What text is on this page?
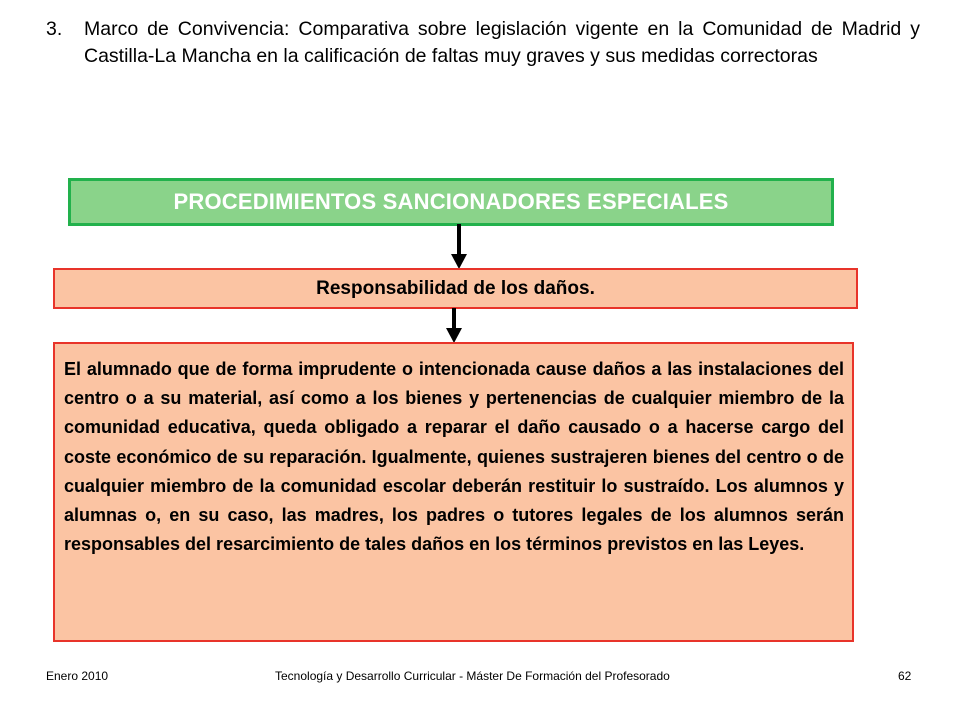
3.	Marco de Convivencia: Comparativa sobre legislación vigente en la Comunidad de Madrid y Castilla-La Mancha en la calificación de faltas muy graves y sus medidas correctoras
PROCEDIMIENTOS SANCIONADORES ESPECIALES
Responsabilidad de los daños.
El alumnado que de forma imprudente o intencionada cause daños a las instalaciones del centro o a su material, así como a los bienes y pertenencias de cualquier miembro de la comunidad educativa, queda obligado a reparar el daño causado o a hacerse cargo del coste económico de su reparación. Igualmente, quienes sustrajeren bienes del centro o de cualquier miembro de la comunidad escolar deberán restituir lo sustraído. Los alumnos y alumnas o, en su caso, las madres, los padres o tutores legales de los alumnos serán responsables del resarcimiento de tales daños en los términos previstos en las Leyes.
Enero 2010	Tecnología y Desarrollo Curricular - Máster De Formación del Profesorado	62
